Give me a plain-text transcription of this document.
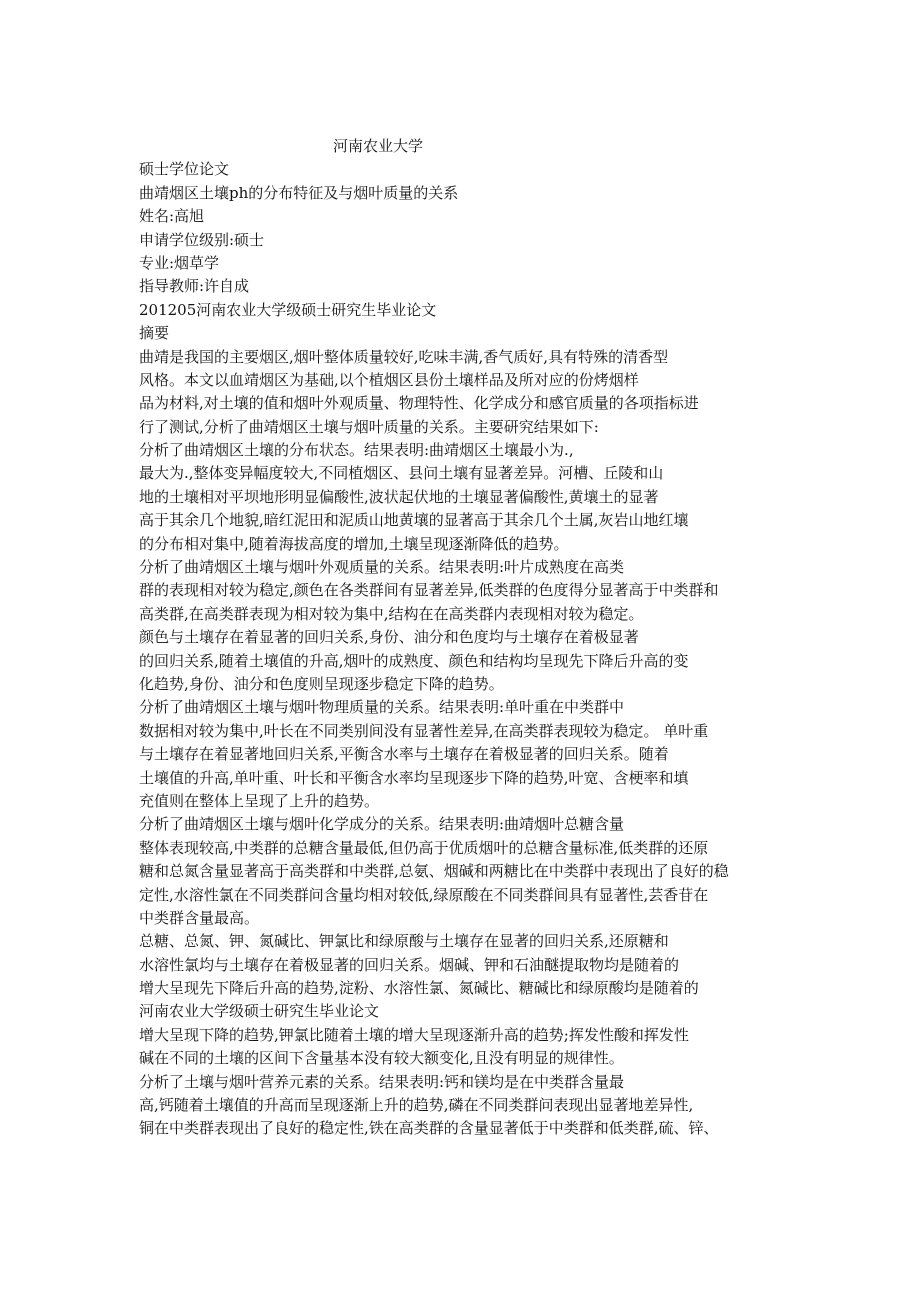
河南农业大学
硕士学位论文
曲靖烟区土壤ph的分布特征及与烟叶质量的关系
姓名:高旭
申请学位级别:硕士
专业:烟草学
指导教师:许自成
201205河南农业大学级硕士研究生毕业论文
摘要
曲靖是我国的主要烟区,烟叶整体质量较好,吃味丰满,香气质好,具有特殊的清香型
风格。本文以血靖烟区为基础,以个植烟区县份土壤样品及所对应的份烤烟样
品为材料,对土壤的值和烟叶外观质量、物理特性、化学成分和感官质量的各项指标进
行了测试,分析了曲靖烟区土壤与烟叶质量的关系。主要研究结果如下:
分析了曲靖烟区土壤的分布状态。结果表明:曲靖烟区土壤最小为.,
最大为.,整体变异幅度较大,不同植烟区、县问土壤有显著差异。河槽、丘陵和山
地的土壤相对平坝地形明显偏酸性,波状起伏地的土壤显著偏酸性,黄壤土的显著
高于其余几个地貌,暗红泥田和泥质山地黄壤的显著高于其余几个土属,灰岩山地红壤
的分布相对集中,随着海拔高度的增加,土壤呈现逐渐降低的趋势。
分析了曲靖烟区土壤与烟叶外观质量的关系。结果表明:叶片成熟度在高类
群的表现相对较为稳定,颜色在各类群间有显著差异,低类群的色度得分显著高于中类群和
高类群,在高类群表现为相对较为集中,结构在在高类群内表现相对较为稳定。
颜色与土壤存在着显著的回归关系,身份、油分和色度均与土壤存在着极显著
的回归关系,随着土壤值的升高,烟叶的成熟度、颜色和结构均呈现先下降后升高的变
化趋势,身份、油分和色度则呈现逐步稳定下降的趋势。
分析了曲靖烟区土壤与烟叶物理质量的关系。结果表明:单叶重在中类群中
数据相对较为集中,叶长在不同类别间没有显著性差异,在高类群表现较为稳定。 单叶重
与土壤存在着显著地回归关系,平衡含水率与土壤存在着极显著的回归关系。随着
土壤值的升高,单叶重、叶长和平衡含水率均呈现逐步下降的趋势,叶宽、含梗率和填
充值则在整体上呈现了上升的趋势。
分析了曲靖烟区土壤与烟叶化学成分的关系。结果表明:曲靖烟叶总糖含量
整体表现较高,中类群的总糖含量最低,但仍高于优质烟叶的总糖含量标准,低类群的还原
糖和总氮含量显著高于高类群和中类群,总氨、烟碱和两糖比在中类群中表现出了良好的稳
定性,水溶性氯在不同类群问含量均相对较低,绿原酸在不同类群间具有显著性,芸香苷在
中类群含量最高。
总糖、总氮、钾、氮碱比、钾氯比和绿原酸与土壤存在显著的回归关系,还原糖和
水溶性氯均与土壤存在着极显著的回归关系。烟碱、钾和石油醚提取物均是随着的
增大呈现先下降后升高的趋势,淀粉、水溶性氯、氮碱比、糖碱比和绿原酸均是随着的
河南农业大学级硕士研究生毕业论文
增大呈现下降的趋势,钾氯比随着土壤的增大呈现逐渐升高的趋势;挥发性酸和挥发性
碱在不同的土壤的区间下含量基本没有较大额变化,且没有明显的规律性。
分析了土壤与烟叶营养元素的关系。结果表明:钙和镁均是在中类群含量最
高,钙随着土壤值的升高而呈现逐渐上升的趋势,磷在不同类群问表现出显著地差异性,
铜在中类群表现出了良好的稳定性,铁在高类群的含量显著低于中类群和低类群,硫、锌、
